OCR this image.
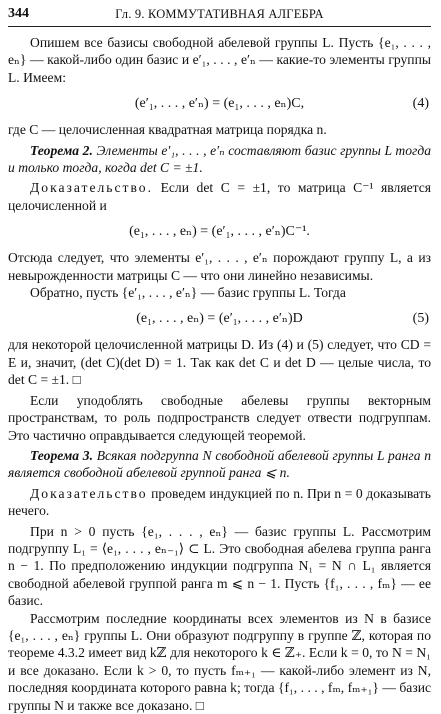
344	Гл. 9. КОММУТАТИВНАЯ АЛГЕБРА

Опишем все базисы свободной абелевой группы L. Пусть {e₁, . . . , eₙ} — какой-либо один базис и e′₁, . . . , e′ₙ — какие-то элементы группы L. Имеем:

(e′₁, . . . , e′ₙ) = (e₁, . . . , eₙ)C,	(4)

где C — целочисленная квадратная матрица порядка n.

Теорема 2. Элементы e′₁, . . . , e′ₙ составляют базис группы L тогда и только тогда, когда det C = ±1.

Доказательство. Если det C = ±1, то матрица C⁻¹ является целочисленной и

(e₁, . . . , eₙ) = (e′₁, . . . , e′ₙ)C⁻¹.

Отсюда следует, что элементы e′₁, . . . , e′ₙ порождают группу L, а из невырожденности матрицы C — что они линейно независимы.

Обратно, пусть {e′₁, . . . , e′ₙ} — базис группы L. Тогда

(e₁, . . . , eₙ) = (e′₁, . . . , e′ₙ)D	(5)

для некоторой целочисленной матрицы D. Из (4) и (5) следует, что CD = E и, значит, (det C)(det D) = 1. Так как det C и det D — целые числа, то det C = ±1. □

Если уподоблять свободные абелевы группы векторным пространствам, то роль подпространств следует отвести подгруппам. Это частично оправдывается следующей теоремой.

Теорема 3. Всякая подгруппа N свободной абелевой группы L ранга n является свободной абелевой группой ранга ⩽ n.

Доказательство проведем индукцией по n. При n = 0 доказывать нечего.

При n > 0 пусть {e₁, . . . , eₙ} — базис группы L. Рассмотрим подгруппу L₁ = ⟨e₁, . . . , eₙ₋₁⟩ ⊂ L. Это свободная абелева группа ранга n − 1. По предположению индукции подгруппа N₁ = N ∩ L₁ является свободной абелевой группой ранга m ⩽ n − 1. Пусть {f₁, . . . , fₘ} — ее базис.

Рассмотрим последние координаты всех элементов из N в базисе {e₁, . . . , eₙ} группы L. Они образуют подгруппу в группе ℤ, которая по теореме 4.3.2 имеет вид kℤ для некоторого k ∈ ℤ₊. Если k = 0, то N = N₁ и все доказано. Если k > 0, то пусть fₘ₊₁ — какой-либо элемент из N, последняя координата которого равна k; тогда {f₁, . . . , fₘ, fₘ₊₁} — базис группы N и также все доказано. □
